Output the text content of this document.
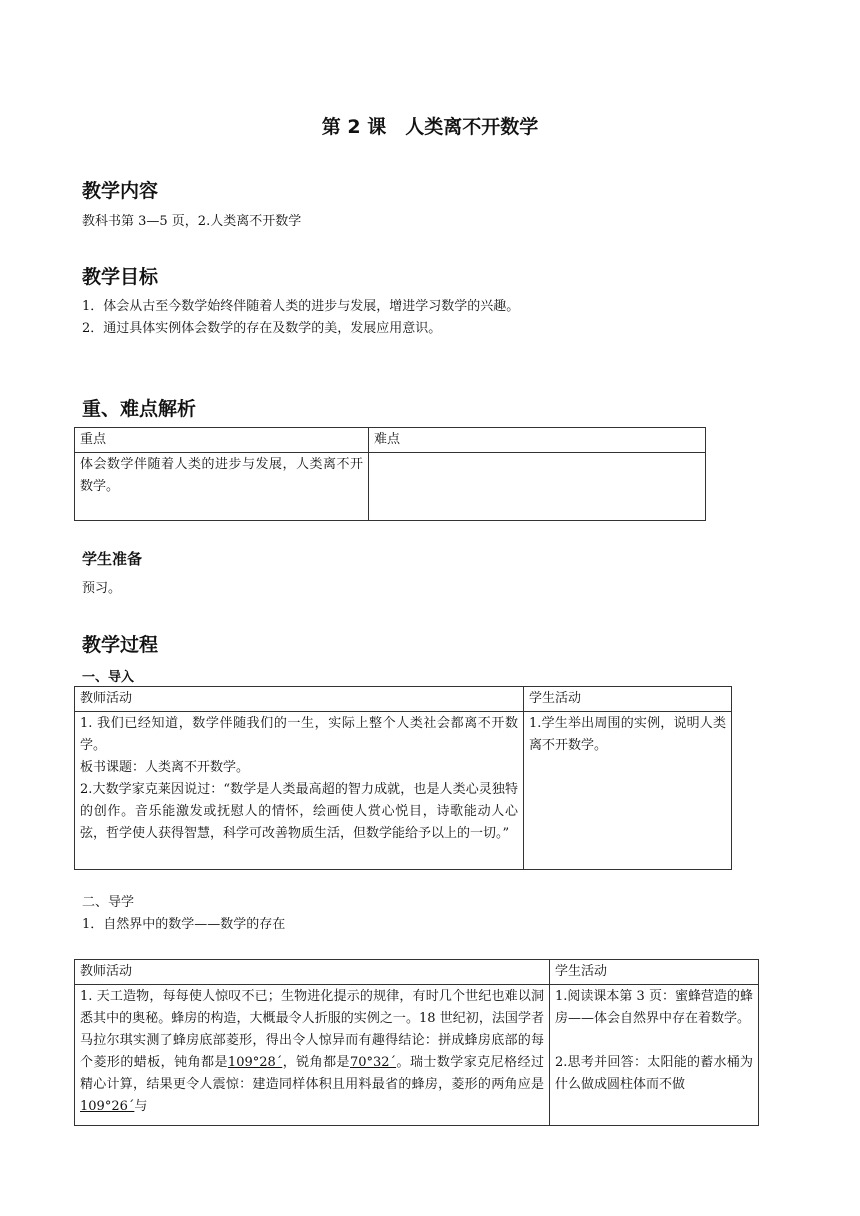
第 2 课　人类离不开数学
教学内容
教科书第 3—5 页，2.人类离不开数学
教学目标
1．体会从古至今数学始终伴随着人类的进步与发展，增进学习数学的兴趣。
2．通过具体实例体会数学的存在及数学的美，发展应用意识。
重、难点解析
重点	难点
体会数学伴随着人类的进步与发展，人类离不开数学。	
学生准备
预习。
教学过程
一、导入
教师活动	学生活动

1. 我们已经知道，数学伴随我们的一生，实际上整个人类社会都离不开数学。
板书课题：人类离不开数学。
2.大数学家克莱因说过：“数学是人类最高超的智力成就，也是人类心灵独特的创作。音乐能激发或抚慰人的情怀，绘画使人赏心悦目，诗歌能动人心弦，哲学使人获得智慧，科学可改善物质生活，但数学能给予以上的一切。”	1.学生举出周围的实例，说明人类离不开数学。
二、导学
1．自然界中的数学——数学的存在
教师活动	学生活动
1. 天工造物，每每使人惊叹不已；生物进化提示的规律，有时几个世纪也难以洞悉其中的奥秘。蜂房的构造，大概最令人折服的实例之一。18 世纪初，法国学者马拉尔琪实测了蜂房底部菱形，得出令人惊异而有趣得结论：拼成蜂房底部的每个菱形的蜡板，钝角都是109°28´，锐角都是70°32´。瑞士数学家克尼格经过精心计算，结果更令人震惊：建造同样体积且用料最省的蜂房，菱形的两角应是109°26´与	1.阅读课本第 3 页：蜜蜂营造的蜂房——体会自然界中存在着数学。
2.思考并回答：太阳能的蓄水桶为什么做成圆柱体而不做
